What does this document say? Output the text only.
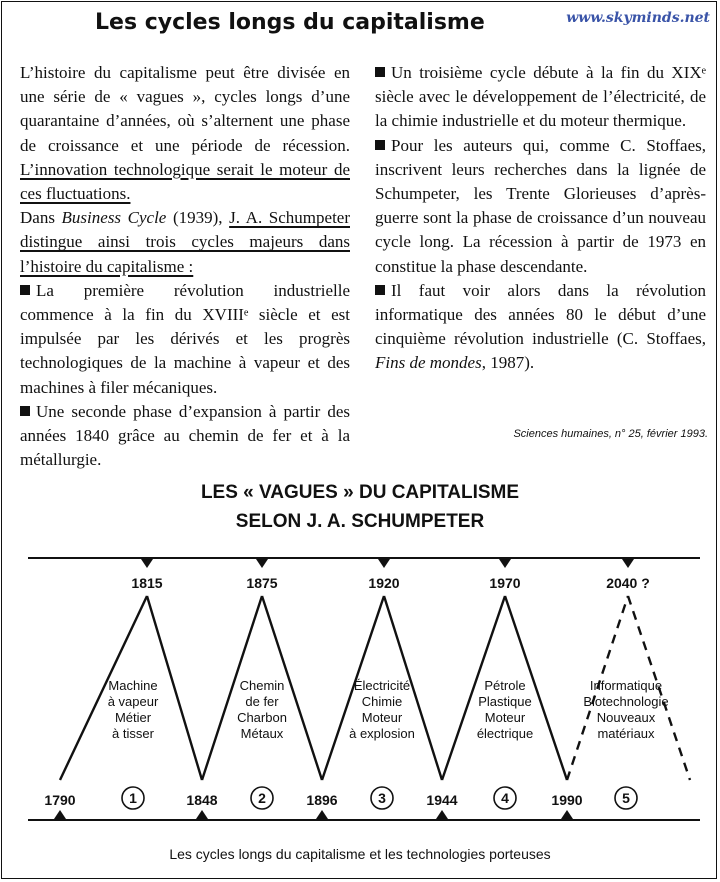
Les cycles longs du capitalisme	www.skyminds.net

L’histoire du capitalisme peut être divisée en une série de « vagues », cycles longs d’une quarantaine d’années, où s’alternent une phase de croissance et une période de récession. L’innovation technologique serait le moteur de ces fluctuations.

Dans Business Cycle (1939), J. A. Schumpeter distingue ainsi trois cycles majeurs dans l’histoire du capitalisme :

La première révolution industrielle commence à la fin du XVIIIᵉ siècle et est impulsée par les dérivés et les progrès technologiques de la machine à vapeur et des machines à filer mécaniques.

Une seconde phase d’expansion à partir des années 1840 grâce au chemin de fer et à la métallurgie.

Un troisième cycle débute à la fin du XIXᵉ siècle avec le développement de l’électricité, de la chimie industrielle et du moteur thermique.

Pour les auteurs qui, comme C. Stoffaes, inscrivent leurs recherches dans la lignée de Schumpeter, les Trente Glorieuses d’après-guerre sont la phase de croissance d’un nouveau cycle long. La récession à partir de 1973 en constitue la phase descendante.

Il faut voir alors dans la révolution informatique des années 80 le début d’une cinquième révolution industrielle (C. Stoffaes, Fins de mondes, 1987).

Sciences humaines, n° 25, février 1993.
LES « VAGUES » DU CAPITALISME
SELON J. A. SCHUMPETER
1815	1875	1920	1970	2040 ?
1790	1848	1896	1944	1990
1
Machine
à vapeur
Métier
à tisser
2
Chemin
de fer
Charbon
Métaux
3
Électricité
Chimie
Moteur
à explosion
4
Pétrole
Plastique
Moteur
électrique
5
Informatique
Biotechnologie
Nouveaux
matériaux
Les cycles longs du capitalisme et les technologies porteuses
